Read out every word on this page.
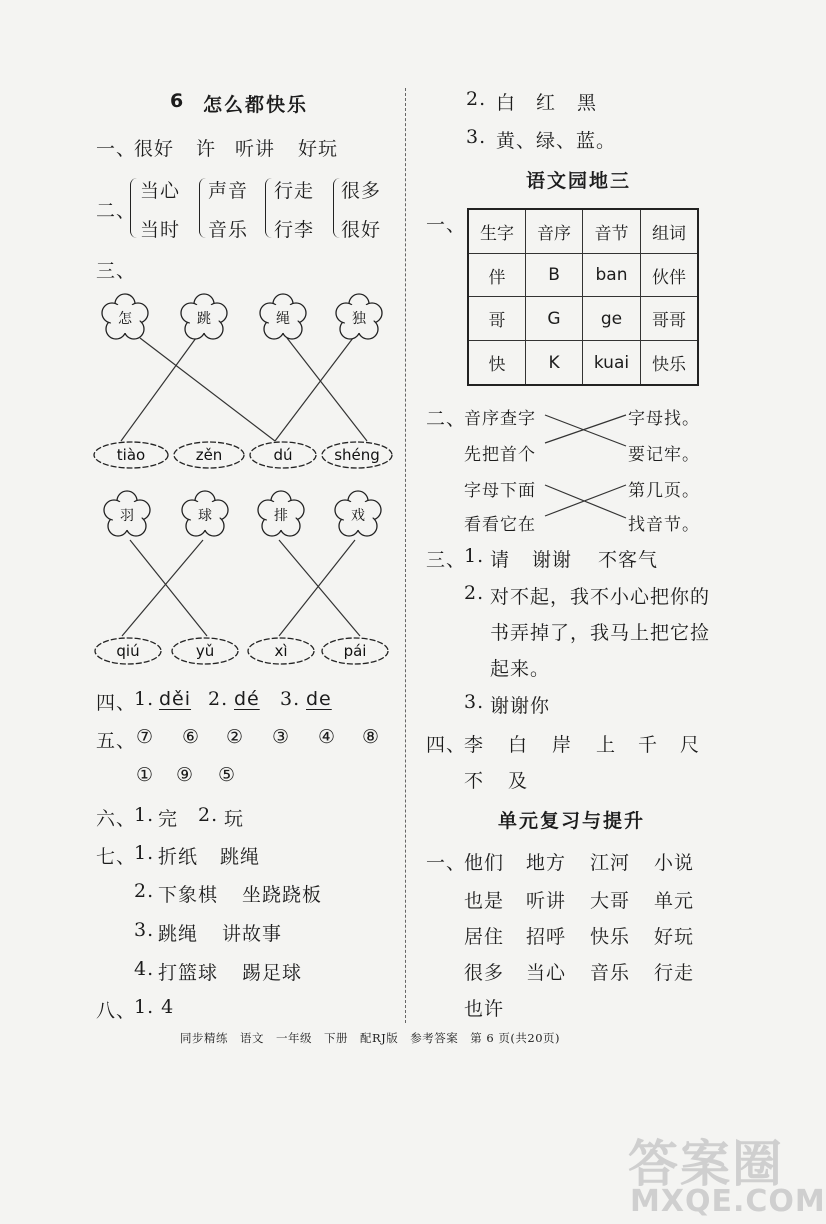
6 怎么都快乐
一、
很好 许 听讲 好玩
二、
当心 声音 行走 很多
当时 音乐 行李 很好
三、
怎	跳	绳	独
tiào	zěn	dú	shéng
羽	球	排	戏
qiú	yǔ	xì	pái
四、
1. děi 2. dé 3. de
五、 ⑦ ⑥ ② ③ ④ ⑧
① ⑨ ⑤
六、
1. 完 2. 玩
七、
1. 折纸 跳绳
2. 下象棋 坐跷跷板
3. 跳绳 讲故事
4. 打篮球 踢足球
八、
1. 4
2. 白 红 黑
3. 黄、绿、蓝。
语文园地三
一、 生字	音序	音节	组词
伴	B	ban	伙伴
哥	G	ge	哥哥
快	K	kuai	快乐
二、
音序查字
先把首个
字母下面
看看它在
字母找。
要记牢。
第几页。
找音节。
三、
1. 请 谢谢 不客气
2. 对不起，我不小心把你的
书弄掉了，我马上把它捡
起来。
3. 谢谢你
四、
李 白 岸 上 千 尺
不 及
单元复习与提升
一、
他们 地方 江河 小说
也是 听讲 大哥 单元
居住 招呼 快乐 好玩
很多 当心 音乐 行走
也许
同步精练　语文　一年级　下册　配RJ版　参考答案　第 6 页(共20页)
答案圈
MXQE.COM
